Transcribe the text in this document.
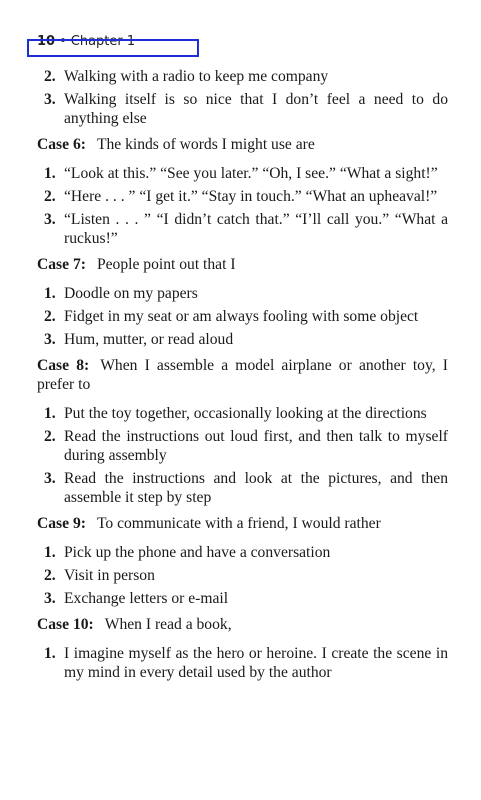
10 • Chapter 1
2. Walking with a radio to keep me company
3. Walking itself is so nice that I don’t feel a need to do anything else

Case 6: The kinds of words I might use are

1. “Look at this.” “See you later.” “Oh, I see.” “What a sight!”
2. “Here . . . ” “I get it.” “Stay in touch.” “What an upheaval!”
3. “Listen . . . ” “I didn’t catch that.” “I’ll call you.” “What a ruckus!”

Case 7: People point out that I

1. Doodle on my papers
2. Fidget in my seat or am always fooling with some object
3. Hum, mutter, or read aloud

Case 8: When I assemble a model airplane or another toy, I prefer to

1. Put the toy together, occasionally looking at the directions
2. Read the instructions out loud first, and then talk to myself during assembly
3. Read the instructions and look at the pictures, and then assemble it step by step

Case 9: To communicate with a friend, I would rather

1. Pick up the phone and have a conversation
2. Visit in person
3. Exchange letters or e-mail

Case 10: When I read a book,

1. I imagine myself as the hero or heroine. I create the scene in my mind in every detail used by the author
